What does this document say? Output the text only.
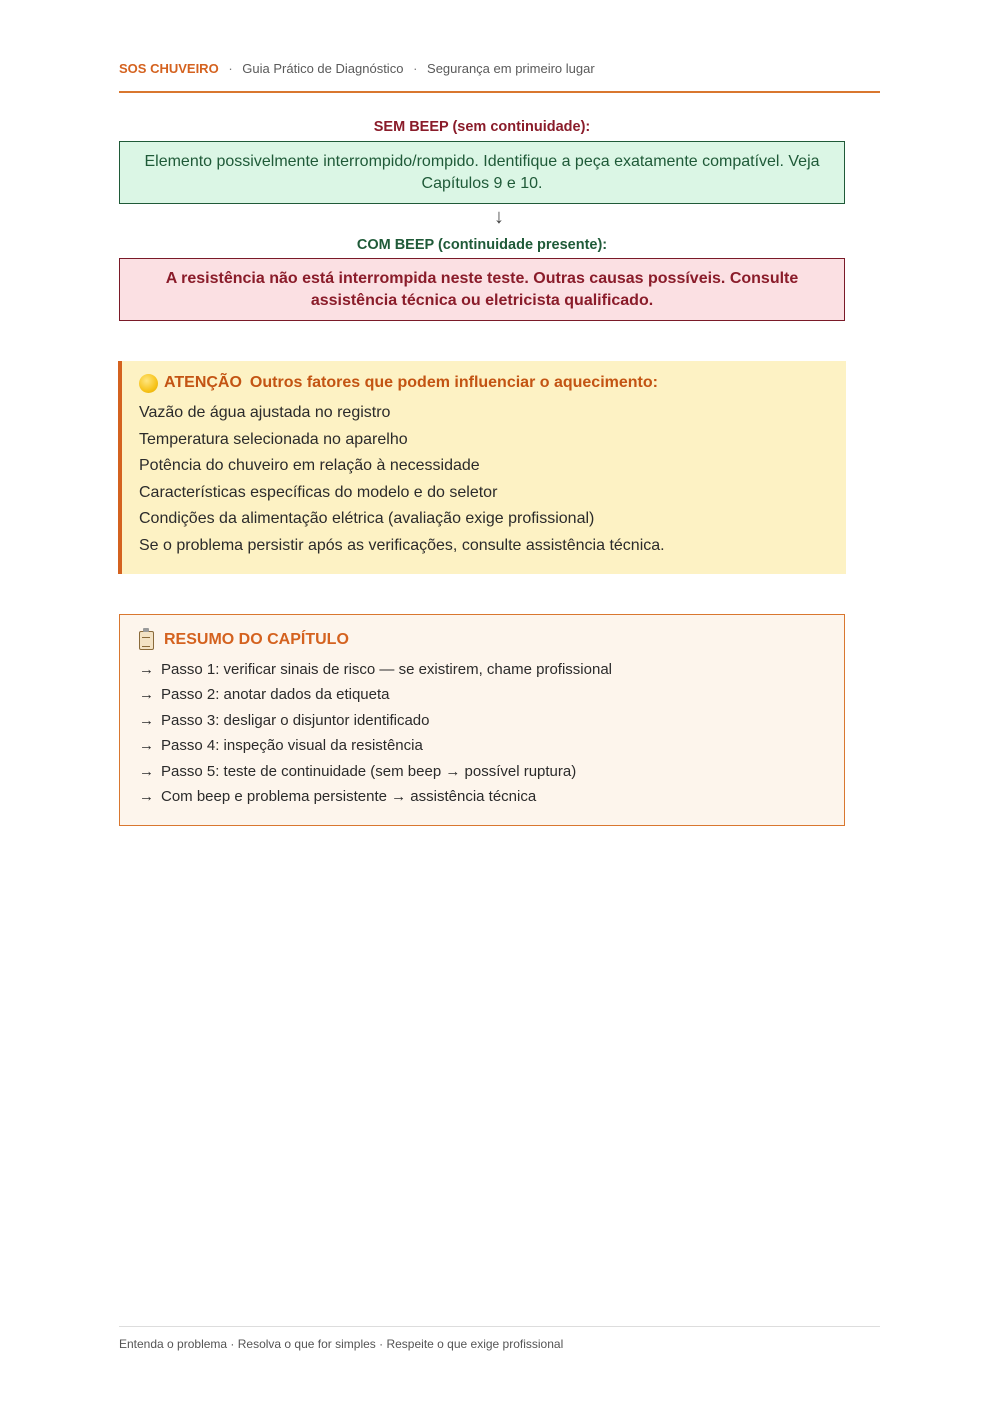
SOS CHUVEIRO · Guia Prático de Diagnóstico · Segurança em primeiro lugar
SEM BEEP (sem continuidade):
Elemento possivelmente interrompido/rompido. Identifique a peça exatamente compatível. Veja Capítulos 9 e 10.
↓
COM BEEP (continuidade presente):
A resistência não está interrompida neste teste. Outras causas possíveis. Consulte assistência técnica ou eletricista qualificado.
ATENÇÃO Outros fatores que podem influenciar o aquecimento:
Vazão de água ajustada no registro
Temperatura selecionada no aparelho
Potência do chuveiro em relação à necessidade
Características específicas do modelo e do seletor
Condições da alimentação elétrica (avaliação exige profissional)
Se o problema persistir após as verificações, consulte assistência técnica.
RESUMO DO CAPÍTULO
→ Passo 1: verificar sinais de risco — se existirem, chame profissional
→ Passo 2: anotar dados da etiqueta
→ Passo 3: desligar o disjuntor identificado
→ Passo 4: inspeção visual da resistência
→ Passo 5: teste de continuidade (sem beep → possível ruptura)
→ Com beep e problema persistente → assistência técnica
Entenda o problema · Resolva o que for simples · Respeite o que exige profissional
